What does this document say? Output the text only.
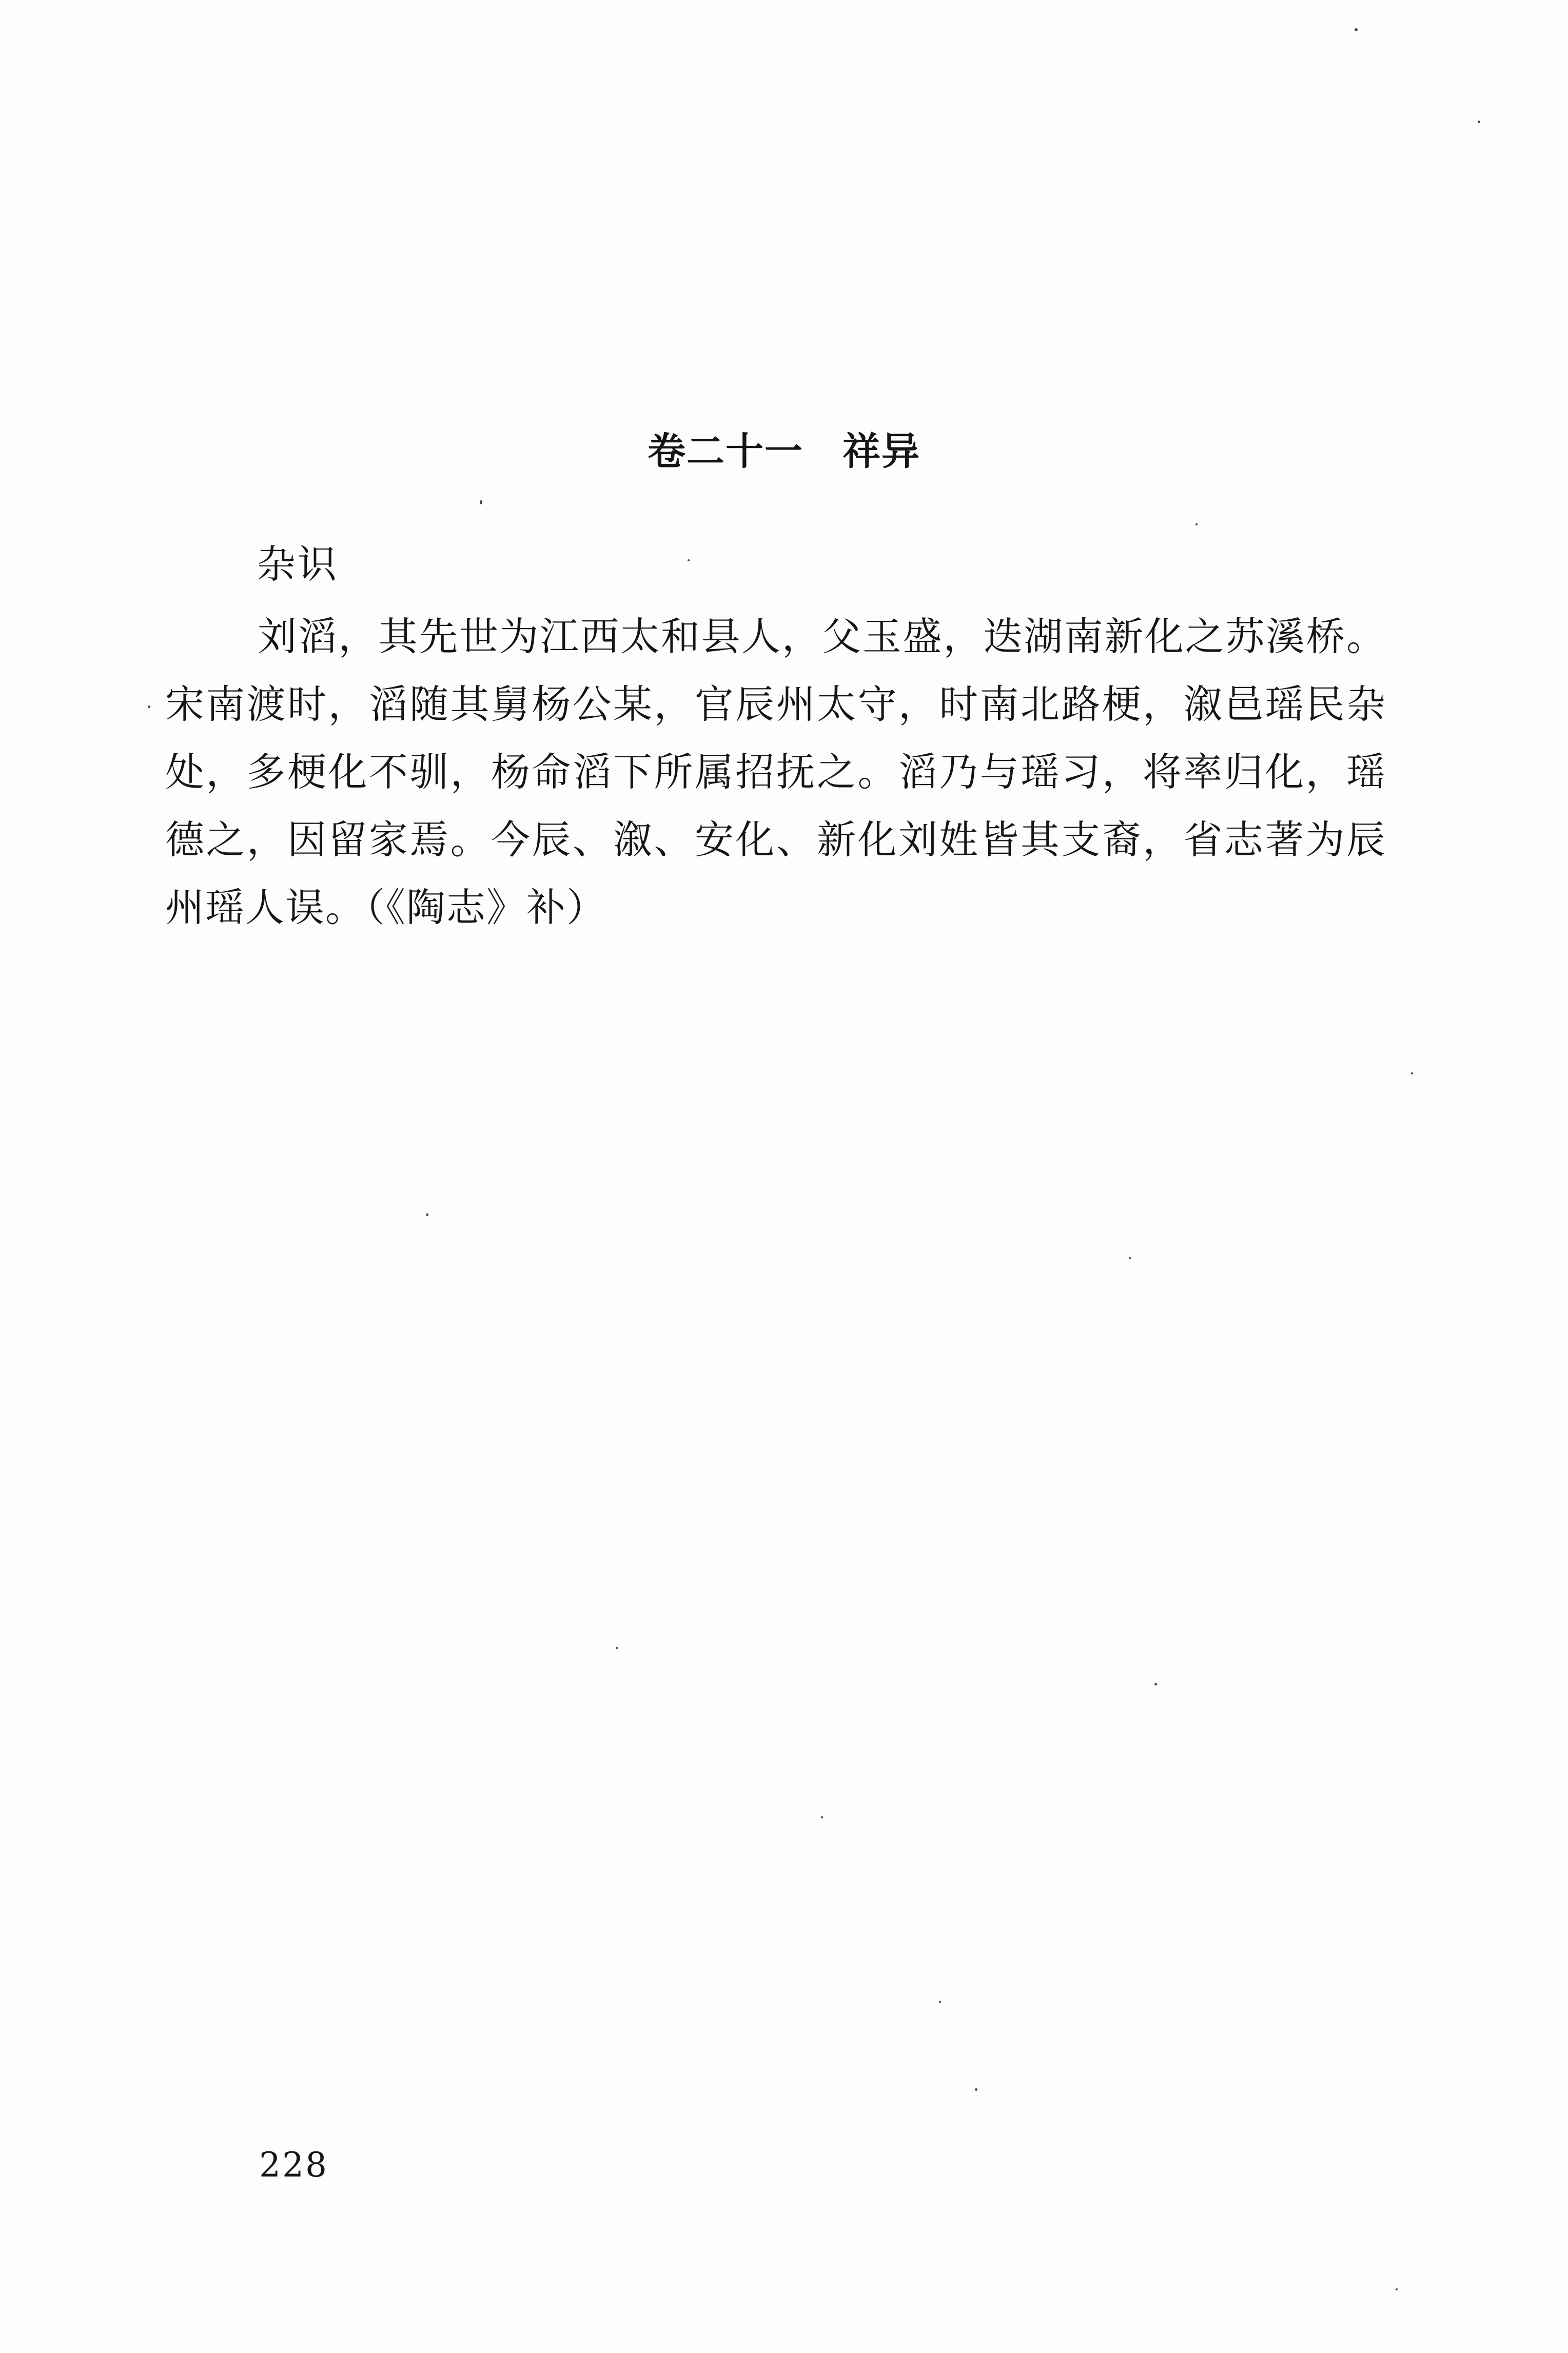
卷二十一　祥异
杂识
刘滔，其先世为江西太和县人，父玉盛，迭湖南新化之苏溪桥。宋南渡时，滔随其舅杨公某，官辰州太守，时南北路梗，溆邑瑶民杂处，多梗化不驯，杨命滔下所属招抚之。滔乃与瑶习，将率归化，瑶德之，因留家焉。今辰、溆、安化、新化刘姓皆其支裔，省志著为辰州瑶人误。（《陶志》补）
228
